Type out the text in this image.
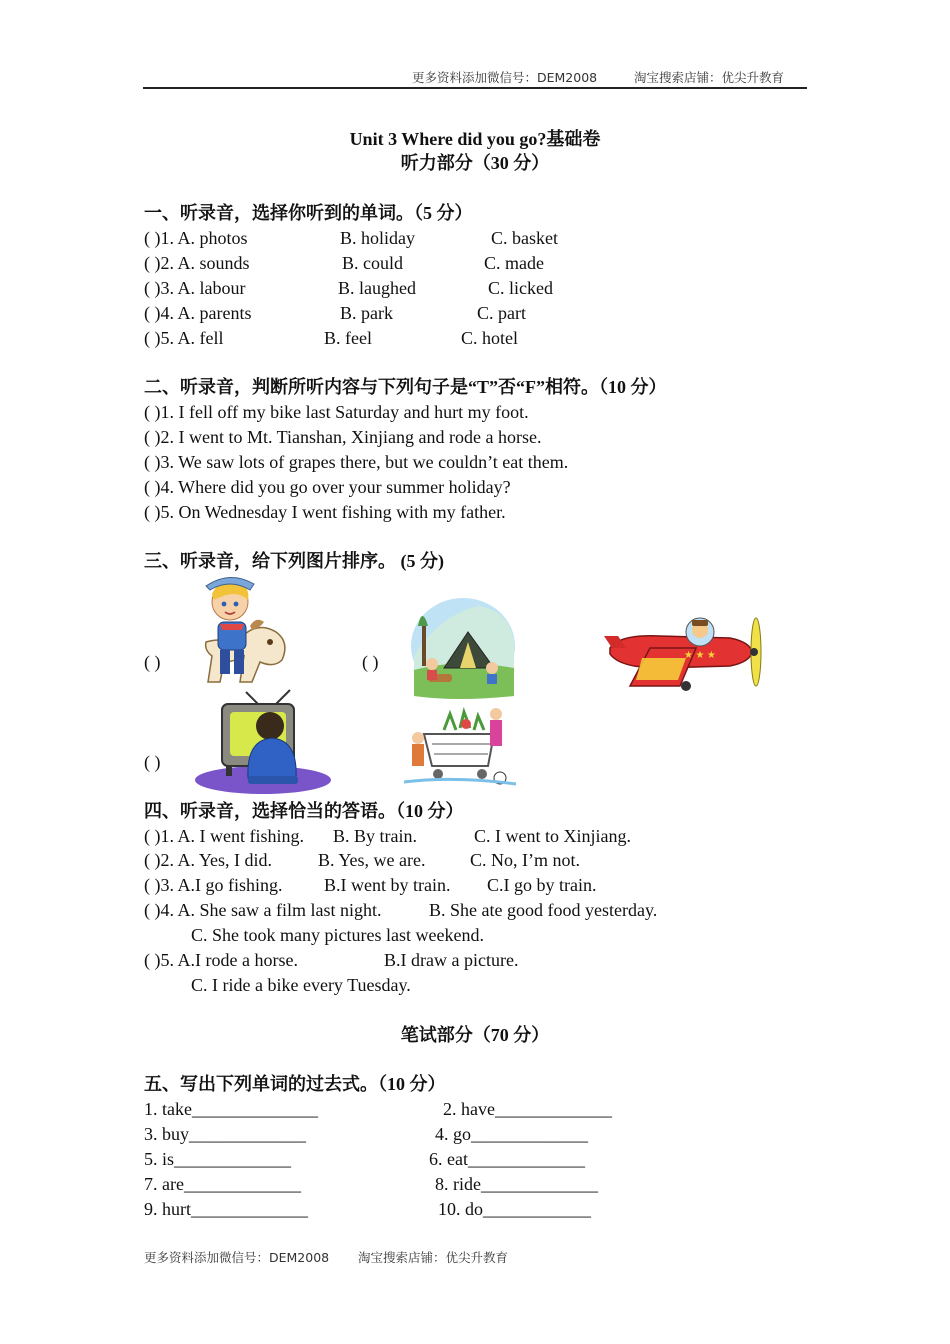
更多资料添加微信号：DEM2008	淘宝搜索店铺：优尖升教育
Unit 3 Where did you go?基础卷
听力部分（30 分）
一、听录音，选择你听到的单词。（5 分）
( )1. A. photos	B. holiday	C. basket
( )2. A. sounds	B. could	C. made
( )3. A. labour	B. laughed	C. licked
( )4. A. parents	B. park	C. part
( )5. A. fell	B. feel	C. hotel
二、听录音，判断所听内容与下列句子是“T”否“F”相符。（10 分）
( )1. I fell off my bike last Saturday and hurt my foot.
( )2. I went to Mt. Tianshan, Xinjiang and rode a horse.
( )3. We saw lots of grapes there, but we couldn’t eat them.
( )4. Where did you go over your summer holiday?
( )5. On Wednesday I went fishing with my father.
三、听录音，给下列图片排序。 (5 分)
( )	( )
( )
★ ★ ★
四、听录音，选择恰当的答语。（10 分）
( )1. A. I went fishing. B. By train.	C. I went to Xinjiang.
( )2. A. Yes, I did.	B. Yes, we are. C. No, I’m not.
( )3. A.I go fishing. B.I went by train. C.I go by train.
( )4. A. She saw a film last night.	B. She ate good food yesterday.
C. She took many pictures last weekend.
( )5. A.I rode a horse.	B.I draw a picture.
C. I ride a bike every Tuesday.
笔试部分（70 分）
五、写出下列单词的过去式。（10 分）
1. take______________	2. have_____________
3. buy_____________	4. go_____________
5. is_____________	6. eat_____________
7. are_____________	8. ride_____________
9. hurt_____________	10. do____________
更多资料添加微信号：DEM2008 淘宝搜索店铺：优尖升教育
